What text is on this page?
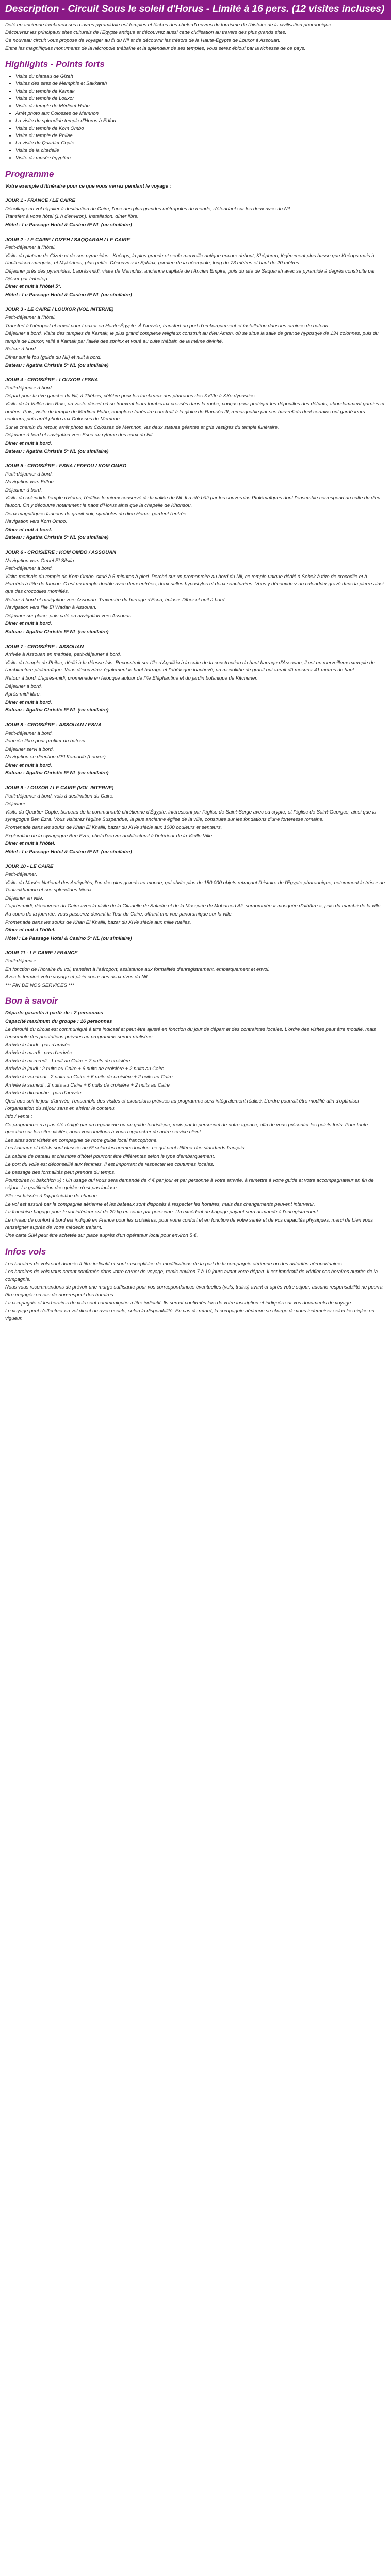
Description - Circuit Sous le soleil d'Horus - Limité à 16 pers. (12 visites incluses)

Doté en ancienne tombeaux ses œuvres pyramidale est temples et tâches des chefs-d'œuvres du tourisme de l'histoire de la civilisation pharaonique.

Découvrez les principaux sites culturels de l'Égypte antique et découvrez aussi cette civilisation au travers des plus grands sites.

Ce nouveau circuit vous propose de voyager au fil du Nil et de découvrir les trésors de la Haute-Égypte de Louxor à Assouan.

Entre les magnifiques monuments de la nécropole thébaine et la splendeur de ses temples, vous serez ébloui par la richesse de ce pays.

Highlights - Points forts
• Visite du plateau de Gizeh
• Visites des sites de Memphis et Sakkarah
• Visite du temple de Karnak
• Visite du temple de Louxor
• Visite du temple de Médinet Habu
• Arrêt photo aux Colosses de Memnon
• La visite du splendide temple d'Horus à Edfou
• Visite du temple de Kom Ombo
• Visite du temple de Philae
• La visite du Quartier Copte
• Visite de la citadelle
• Visite du musée égyptien
Programme

Votre exemple d'itinéraire pour ce que vous verrez pendant le voyage :

JOUR 1 - FRANCE / LE CAIRE

Décollage en vol régulier à destination du Caire, l'une des plus grandes métropoles du monde, s'étendant sur les deux rives du Nil.

Transfert à votre hôtel (1 h d'environ). Installation. dîner libre.

Hôtel : Le Passage Hotel & Casino 5* NL (ou similaire)

JOUR 2 - LE CAIRE / GIZEH / SAQQARAH / LE CAIRE

Petit-déjeuner à l'hôtel.

Visite du plateau de Gizeh et de ses pyramides : Khéops, la plus grande et seule merveille antique encore debout, Khéphren, légèrement plus basse que Khéops mais à l'inclinaison marquée, et Mykérinos, plus petite. Découvrez le Sphinx, gardien de la nécropole, long de 73 mètres et haut de 20 mètres.

Déjeuner près des pyramides. L'après-midi, visite de Memphis, ancienne capitale de l'Ancien Empire, puis du site de Saqqarah avec sa pyramide à degrés construite par Djéser par Imhotep.

Dîner et nuit à l'hôtel 5*.

Hôtel : Le Passage Hotel & Casino 5* NL (ou similaire)

JOUR 3 - LE CAIRE / LOUXOR (VOL INTERNE)

Petit-déjeuner à l'hôtel.

Transfert à l'aéroport et envol pour Louxor en Haute-Égypte. À l'arrivée, transfert au port d'embarquement et installation dans les cabines du bateau.

Déjeuner à bord. Visite des temples de Karnak, le plus grand complexe religieux construit au dieu Amon, où se situe la salle de grande hypostyle de 134 colonnes, puis du temple de Louxor, relié à Karnak par l'allée des sphinx et voué au culte thébain de la même divinité.

Retour à bord.

Dîner sur le fou (guide du Nil) et nuit à bord.

Bateau : Agatha Christie 5* NL (ou similaire)

JOUR 4 - CROISIÈRE : LOUXOR / ESNA

Petit-déjeuner à bord.

Départ pour la rive gauche du Nil, à Thèbes, célèbre pour les tombeaux des pharaons des XVIIIe à XXe dynasties.

Visite de la Vallée des Rois, un vaste désert où se trouvent leurs tombeaux creusés dans la roche, conçus pour protéger les dépouilles des défunts, abondamment garnies et ornées. Puis, visite du temple de Médinet Habu, complexe funéraire construit à la gloire de Ramsès III, remarquable par ses bas-reliefs dont certains ont gardé leurs couleurs, puis arrêt photo aux Colosses de Memnon.

Sur le chemin du retour, arrêt photo aux Colosses de Memnon, les deux statues géantes et gris vestiges du temple funéraire.

Déjeuner à bord et navigation vers Esna au rythme des eaux du Nil.

Dîner et nuit à bord.

Bateau : Agatha Christie 5* NL (ou similaire)

JOUR 5 - CROISIÈRE : ESNA / EDFOU / KOM OMBO

Petit-déjeuner à bord.

Navigation vers Edfou.

Déjeuner à bord.

Visite du splendide temple d'Horus, l'édifice le mieux conservé de la vallée du Nil. Il a été bâti par les souverains Ptolémaïques dont l'ensemble correspond au culte du dieu faucon. On y découvre notamment le naos d'Horus ainsi que la chapelle de Khonsou.

Deux magnifiques faucons de granit noir, symboles du dieu Horus, gardent l'entrée.

Navigation vers Kom Ombo.

Dîner et nuit à bord.

Bateau : Agatha Christie 5* NL (ou similaire)

JOUR 6 - CROISIÈRE : KOM OMBO / ASSOUAN

Navigation vers Gebel El Silsila.

Petit-déjeuner à bord.

Visite matinale du temple de Kom Ombo, situé à 5 minutes à pied. Perché sur un promontoire au bord du Nil, ce temple unique dédié à Sobek à tête de crocodile et à Haroëris à tête de faucon. C'est un temple double avec deux entrées, deux salles hypostyles et deux sanctuaires. Vous y découvrirez un calendrier gravé dans la pierre ainsi que des crocodiles momifiés.

Retour à bord et navigation vers Assouan. Traversée du barrage d'Esna, écluse. Dîner et nuit à bord.

Navigation vers l'île El Wadah à Assouan.

Déjeuner sur place, puis café en navigation vers Assouan.

Dîner et nuit à bord.

Bateau : Agatha Christie 5* NL (ou similaire)

JOUR 7 - CROISIÈRE : ASSOUAN

Arrivée à Assouan en matinée, petit-déjeuner à bord.

Visite du temple de Philae, dédié à la déesse Isis. Reconstruit sur l'île d'Aguilkia à la suite de la construction du haut barrage d'Assouan, il est un merveilleux exemple de l'architecture ptolémaïque. Vous découvrirez également le haut barrage et l'obélisque inachevé, un monolithe de granit qui aurait dû mesurer 41 mètres de haut.

Retour à bord. L'après-midi, promenade en felouque autour de l'île Eléphantine et du jardin botanique de Kitchener.

Déjeuner à bord.

Après-midi libre.

Dîner et nuit à bord.

Bateau : Agatha Christie 5* NL (ou similaire)

JOUR 8 - CROISIÈRE : ASSOUAN / ESNA

Petit-déjeuner à bord.

Journée libre pour profiter du bateau.

Déjeuner servi à bord.

Navigation en direction d'El Kamoulé (Louxor).

Dîner et nuit à bord.

Bateau : Agatha Christie 5* NL (ou similaire)

JOUR 9 - LOUXOR / LE CAIRE (VOL INTERNE)

Petit-déjeuner à bord, vols à destination du Caire.

Déjeuner.

Visite du Quartier Copte, berceau de la communauté chrétienne d'Égypte, intéressant par l'église de Saint-Serge avec sa crypte, et l'église de Saint-Georges, ainsi que la synagogue Ben Ezra. Vous visiterez l'église Suspendue, la plus ancienne église de la ville, construite sur les fondations d'une forteresse romaine.

Promenade dans les souks de Khan El Khalili, bazar du XIVe siècle aux 1000 couleurs et senteurs.

Exploration de la synagogue Ben Ezra, chef-d'œuvre architectural à l'intérieur de la Vieille Ville.

Dîner et nuit à l'hôtel.

Hôtel : Le Passage Hotel & Casino 5* NL (ou similaire)

JOUR 10 - LE CAIRE

Petit-déjeuner.

Visite du Musée National des Antiquités, l'un des plus grands au monde, qui abrite plus de 150 000 objets retraçant l'histoire de l'Égypte pharaonique, notamment le trésor de Toutankhamon et ses splendides bijoux.

Déjeuner en ville.

L'après-midi, découverte du Caire avec la visite de la Citadelle de Saladin et de la Mosquée de Mohamed Ali, surnommée « mosquée d'albâtre », puis du marché de la ville.

Au cours de la journée, vous passerez devant la Tour du Caire, offrant une vue panoramique sur la ville.

Promenade dans les souks de Khan El Khalili, bazar du XIVe siècle aux mille ruelles.

Dîner et nuit à l'hôtel.

Hôtel : Le Passage Hotel & Casino 5* NL (ou similaire)

JOUR 11 - LE CAIRE / FRANCE

Petit-déjeuner.

En fonction de l'horaire du vol, transfert à l'aéroport, assistance aux formalités d'enregistrement, embarquement et envol.

Avec le terminé votre voyage et plein coeur des deux rives du Nil.

*** FIN DE NOS SERVICES ***

Bon à savoir

Départs garantis à partir de : 2 personnes

Capacité maximum du groupe : 16 personnes

Le déroulé du circuit est communiqué à titre indicatif et peut être ajusté en fonction du jour de départ et des contraintes locales. L'ordre des visites peut être modifié, mais l'ensemble des prestations prévues au programme seront réalisées.

Arrivée le lundi : pas d'arrivée

Arrivée le mardi : pas d'arrivée

Arrivée le mercredi : 1 nuit au Caire + 7 nuits de croisière

Arrivée le jeudi : 2 nuits au Caire + 6 nuits de croisière + 2 nuits au Caire

Arrivée le vendredi : 2 nuits au Caire + 6 nuits de croisière + 2 nuits au Caire

Arrivée le samedi : 2 nuits au Caire + 6 nuits de croisière + 2 nuits au Caire

Arrivée le dimanche : pas d'arrivée

Quel que soit le jour d'arrivée, l'ensemble des visites et excursions prévues au programme sera intégralement réalisé. L'ordre pourrait être modifié afin d'optimiser l'organisation du séjour sans en altérer le contenu.

Info / vente :

Ce programme n'a pas été rédigé par un organisme ou un guide touristique, mais par le personnel de notre agence, afin de vous présenter les points forts. Pour toute question sur les sites visités, nous vous invitons à vous rapprocher de notre service client.

Les sites sont visités en compagnie de notre guide local francophone.

Les bateaux et hôtels sont classés au 5* selon les normes locales, ce qui peut différer des standards français.

La cabine de bateau et chambre d'hôtel pourront être différentes selon le type d'embarquement.

Le port du voile est déconseillé aux femmes. Il est important de respecter les coutumes locales.

Le passage des formalités peut prendre du temps.

Pourboires (« bakchich ») : Un usage qui vous sera demandé de 4 € par jour et par personne à votre arrivée, à remettre à votre guide et votre accompagnateur en fin de séjour. La gratification des guides n'est pas incluse.

Elle est laissée à l'appréciation de chacun.

Le vol est assuré par la compagnie aérienne et les bateaux sont disposés à respecter les horaires, mais des changements peuvent intervenir.

La franchise bagage pour le vol intérieur est de 20 kg en soute par personne. Un excédent de bagage payant sera demandé à l'enregistrement.

Le niveau de confort à bord est indiqué en France pour les croisières, pour votre confort et en fonction de votre santé et de vos capacités physiques, merci de bien vous renseigner auprès de votre médecin traitant.

Une carte SIM peut être achetée sur place auprès d'un opérateur local pour environ 5 €.

Infos vols

Les horaires de vols sont donnés à titre indicatif et sont susceptibles de modifications de la part de la compagnie aérienne ou des autorités aéroportuaires.

Les horaires de vols vous seront confirmés dans votre carnet de voyage, remis environ 7 à 10 jours avant votre départ. Il est impératif de vérifier ces horaires auprès de la compagnie.

Nous vous recommandons de prévoir une marge suffisante pour vos correspondances éventuelles (vols, trains) avant et après votre séjour, aucune responsabilité ne pourra être engagée en cas de non-respect des horaires.

La compagnie et les horaires de vols sont communiqués à titre indicatif. Ils seront confirmés lors de votre inscription et indiqués sur vos documents de voyage.

Le voyage peut s'effectuer en vol direct ou avec escale, selon la disponibilité. En cas de retard, la compagnie aérienne se charge de vous indemniser selon les règles en vigueur.
